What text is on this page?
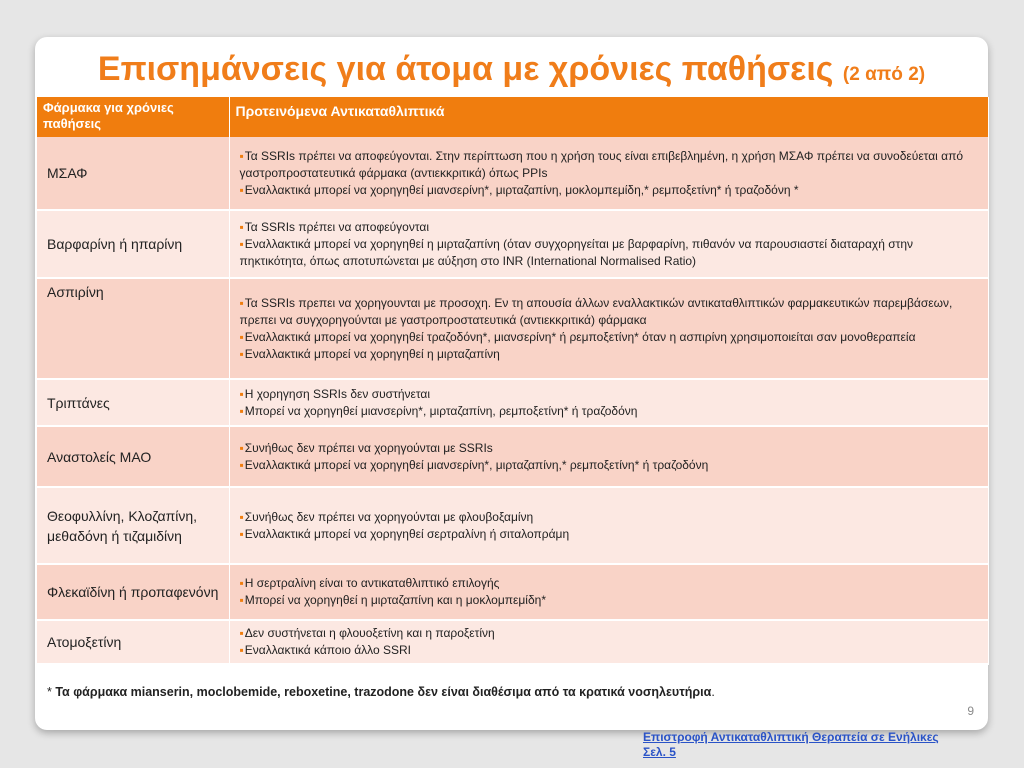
Επισημάνσεις για άτομα με χρόνιες παθήσεις (2 από 2)
Φάρμακα για χρόνιες παθήσεις	Προτεινόμενα Αντικαταθλιπτικά
ΜΣΑΦ	▪ Τα SSRIs πρέπει να αποφεύγονται. Στην περίπτωση που η χρήση τους είναι επιβεβλημένη, η χρήση ΜΣΑΦ πρέπει να συνοδεύεται από γαστροπροστατευτικά φάρμακα (αντιεκκριτικά) όπως PPIs
▪ Εναλλακτικά μπορεί να χορηγηθεί μιανσερίνη*, μιρταζαπίνη, μοκλομπεμίδη,* ρεμποξετίνη* ή τραζοδόνη *

Βαρφαρίνη ή ηπαρίνη	▪ Τα SSRIs πρέπει να αποφεύγονται
▪ Εναλλακτικά μπορεί να χορηγηθεί η μιρταζαπίνη (όταν συγχορηγείται με βαρφαρίνη, πιθανόν να παρουσιαστεί διαταραχή στην πηκτικότητα, όπως αποτυπώνεται με αύξηση στο INR (International Normalised Ratio)

Ασπιρίνη	▪ Τα SSRIs πρεπει να χορηγουνται με προσοχη. Εν τη απουσία άλλων εναλλακτικών αντικαταθλιπτικών φαρμακευτικών παρεμβάσεων, πρεπει να συγχορηγούνται με γαστροπροστατευτικά (αντιεκκριτικά) φάρμακα
▪ Εναλλακτικά μπορεί να χορηγηθεί τραζοδόνη*, μιανσερίνη* ή ρεμποξετίνη* όταν η ασπιρίνη χρησιμοποιείται σαν μονοθεραπεία
▪ Εναλλακτικά μπορεί να χορηγηθεί η μιρταζαπίνη

Τριπτάνες	▪ Η χορηγηση SSRIs δεν συστήνεται
▪ Μπορεί να χορηγηθεί μιανσερίνη*, μιρταζαπίνη, ρεμποξετίνη* ή τραζοδόνη

Αναστολείς ΜΑΟ	▪ Συνήθως δεν πρέπει να χορηγούνται με SSRIs
▪ Εναλλακτικά μπορεί να χορηγηθεί μιανσερίνη*, μιρταζαπίνη,* ρεμποξετίνη* ή τραζοδόνη

Θεοφυλλίνη, Κλοζαπίνη, μεθαδόνη ή τιζαμιδίνη	▪ Συνήθως δεν πρέπει να χορηγούνται με φλουβοξαμίνη
▪ Εναλλακτικά μπορεί να χορηγηθεί σερτραλίνη ή σιταλοπράμη

Φλεκαϊδίνη ή προπαφενόνη	▪ Η σερτραλίνη είναι το αντικαταθλιπτικό επιλογής
▪ Μπορεί να χορηγηθεί η μιρταζαπίνη και η μοκλομπεμίδη*

Ατομοξετίνη	▪ Δεν συστήνεται η φλουοξετίνη και η παροξετίνη
▪ Εναλλακτικά κάποιο άλλο SSRI
* Τα φάρμακα mianserin, moclobemide, reboxetine, trazodone δεν είναι διαθέσιμα από τα κρατικά νοσηλευτήρια.
9
Επιστροφή Αντικαταθλιπτική Θεραπεία σε Ενήλικες Σελ. 5
